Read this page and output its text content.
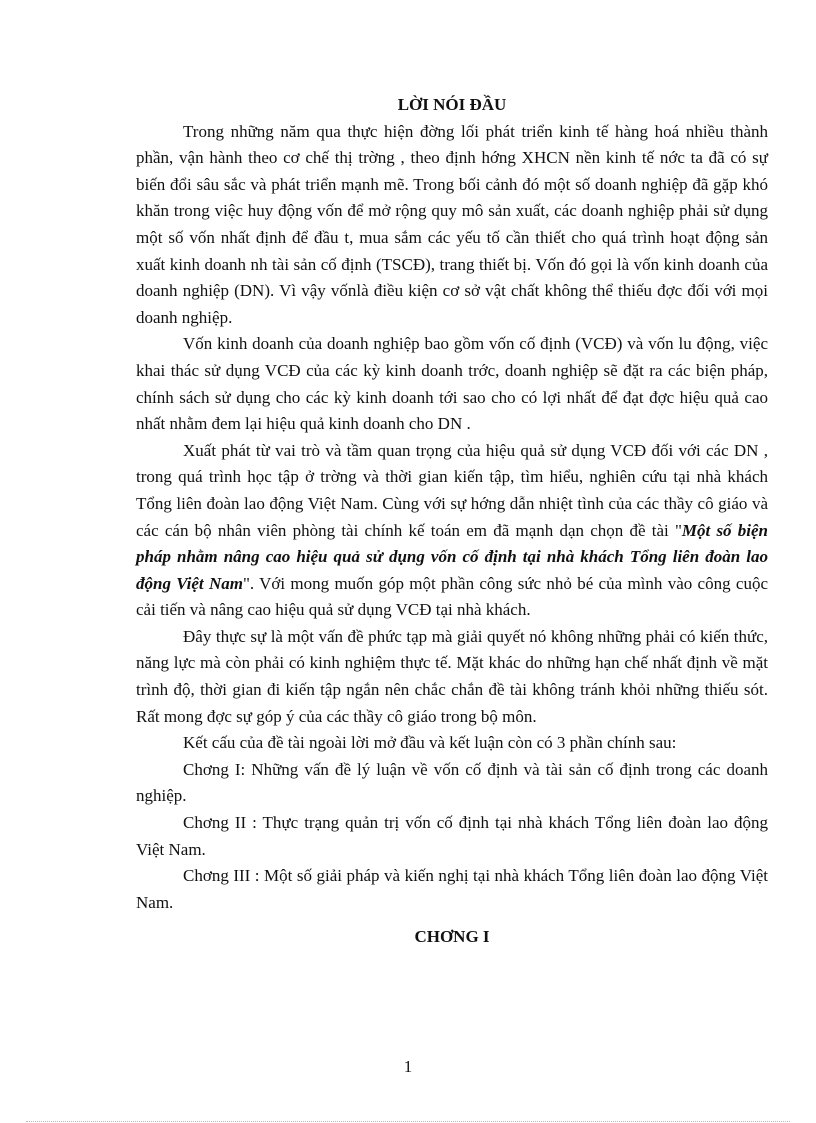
LỜI NÓI ĐẦU

Trong những năm qua thực hiện đờng lối phát triển kinh tế hàng hoá nhiều thành phần, vận hành theo cơ chế thị trờng , theo định hớng XHCN nền kinh tế nớc ta đã có sự biến đổi sâu sắc và phát triển mạnh mẽ. Trong bối cảnh đó một số doanh nghiệp đã gặp khó khăn trong việc huy động vốn để mở rộng quy mô sản xuất, các doanh nghiệp phải sử dụng một số vốn nhất định để đầu t, mua sắm các yếu tố cần thiết cho quá trình hoạt động sản xuất kinh doanh nh tài sản cố định (TSCĐ), trang thiết bị. Vốn đó gọi là vốn kinh doanh của doanh nghiệp (DN). Vì vậy vốnlà điều kiện cơ sở vật chất không thể thiếu đợc đối với mọi doanh nghiệp.

Vốn kinh doanh của doanh nghiệp bao gồm vốn cố định (VCĐ) và vốn lu động, việc khai thác sử dụng VCĐ của các kỳ kinh doanh trớc, doanh nghiệp sẽ đặt ra các biện pháp, chính sách sử dụng cho các kỳ kinh doanh tới sao cho có lợi nhất để đạt đợc hiệu quả cao nhất nhằm đem lại hiệu quả kinh doanh cho DN .

Xuất phát từ vai trò và tầm quan trọng của hiệu quả sử dụng VCĐ đối với các DN , trong quá trình học tập ở trờng và thời gian kiến tập, tìm hiểu, nghiên cứu tại nhà khách Tổng liên đoàn lao động Việt Nam. Cùng với sự hớng dẫn nhiệt tình của các thầy cô giáo và các cán bộ nhân viên phòng tài chính kế toán em đã mạnh dạn chọn đề tài "Một số biện pháp nhằm nâng cao hiệu quả sử dụng vốn cố định tại nhà khách Tổng liên đoàn lao động Việt Nam". Với mong muốn góp một phần công sức nhỏ bé của mình vào công cuộc cải tiến và nâng cao hiệu quả sử dụng VCĐ tại nhà khách.

Đây thực sự là một vấn đề phức tạp mà giải quyết nó không những phải có kiến thức, năng lực mà còn phải có kinh nghiệm thực tế. Mặt khác do những hạn chế nhất định về mặt trình độ, thời gian đi kiến tập ngắn nên chắc chắn đề tài không tránh khỏi những thiếu sót. Rất mong đợc sự góp ý của các thầy cô giáo trong bộ môn.

Kết cấu của đề tài ngoài lời mở đầu và kết luận còn có 3 phần chính sau:

Chơng I: Những vấn đề lý luận về vốn cố định và tài sản cố định trong các doanh nghiệp.

Chơng II : Thực trạng quản trị vốn cố định tại nhà khách Tổng liên đoàn lao động Việt Nam.

Chơng III : Một số giải pháp và kiến nghị tại nhà khách Tổng liên đoàn lao động Việt Nam.

CHƠNG I

1
